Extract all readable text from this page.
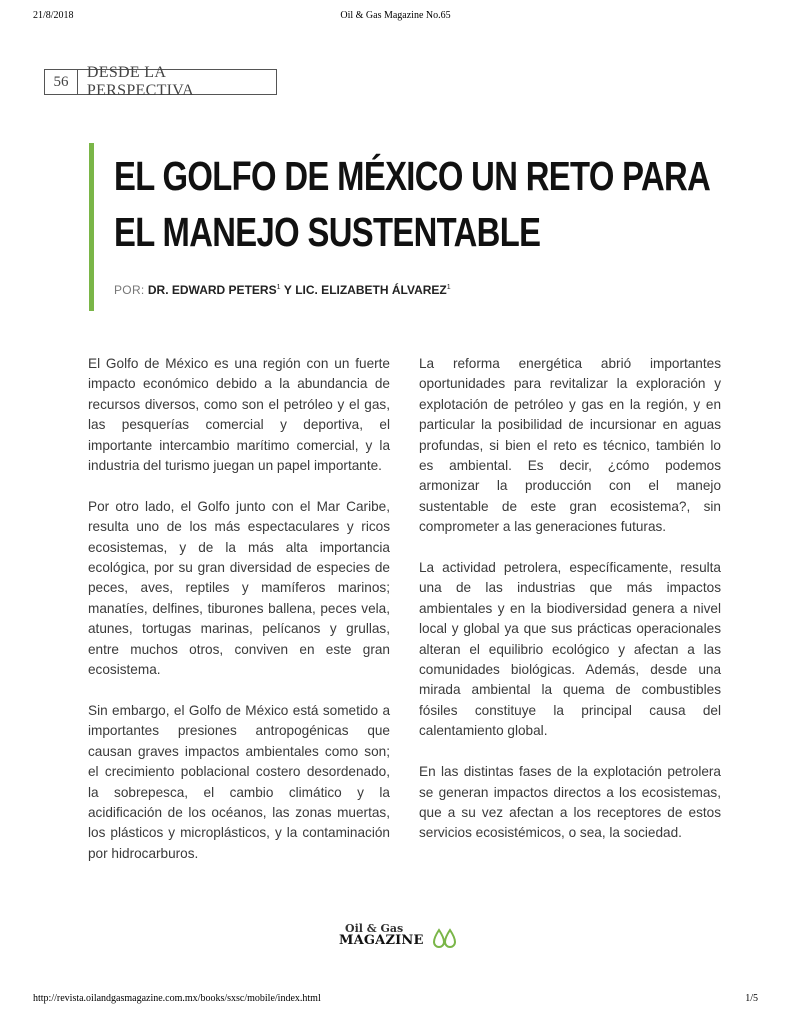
21/8/2018	Oil & Gas Magazine No.65
56
DESDE LA PERSPECTIVA
EL GOLFO DE MÉXICO UN RETO PARA
EL MANEJO SUSTENTABLE
POR: DR. EDWARD PETERS$^1$ Y LIC. ELIZABETH ÁLVAREZ$^1$

El Golfo de México es una región con un fuerte impacto económico debido a la abundancia de recursos diversos, como son el petróleo y el gas, las pesquerías comercial y deportiva, el importante intercambio marítimo comercial, y la industria del turismo juegan un papel importante.

Por otro lado, el Golfo junto con el Mar Caribe, resulta uno de los más espectaculares y ricos ecosistemas, y de la más alta importancia ecológica, por su gran diversidad de especies de peces, aves, reptiles y mamíferos marinos; manatíes, delfines, tiburones ballena, peces vela, atunes, tortugas marinas, pelícanos y grullas, entre muchos otros, conviven en este gran ecosistema.

Sin embargo, el Golfo de México está sometido a importantes presiones antropogénicas que causan graves impactos ambientales como son; el crecimiento poblacional costero desordenado, la sobrepesca, el cambio climático y la acidificación de los océanos, las zonas muertas, los plásticos y microplásticos, y la contaminación por hidrocarburos.

La reforma energética abrió importantes oportunidades para revitalizar la exploración y explotación de petróleo y gas en la región, y en particular la posibilidad de incursionar en aguas profundas, si bien el reto es técnico, también lo es ambiental. Es decir, ¿cómo podemos armonizar la producción con el manejo sustentable de este gran ecosistema?, sin comprometer a las generaciones futuras.

La actividad petrolera, específicamente, resulta una de las industrias que más impactos ambientales y en la biodiversidad genera a nivel local y global ya que sus prácticas operacionales alteran el equilibrio ecológico y afectan a las comunidades biológicas. Además, desde una mirada ambiental la quema de combustibles fósiles constituye la principal causa del calentamiento global.

En las distintas fases de la explotación petrolera se generan impactos directos a los ecosistemas, que a su vez afectan a los receptores de estos servicios ecosistémicos, o sea, la sociedad.

Oil & Gas
MAGAZINE
http://revista.oilandgasmagazine.com.mx/books/sxsc/mobile/index.html	1/5
